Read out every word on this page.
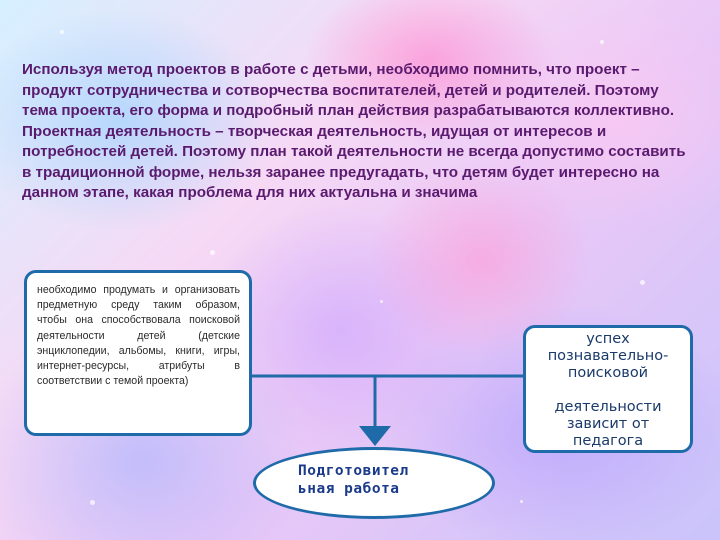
Используя метод проектов в работе с детьми, необходимо помнить, что проект – продукт сотрудничества и сотворчества воспитателей, детей и родителей. Поэтому тема проекта, его форма и подробный план действия разрабатываются коллективно. Проектная деятельность – творческая деятельность, идущая от интересов и потребностей детей. Поэтому план такой деятельности не всегда допустимо составить в традиционной форме, нельзя заранее предугадать, что детям будет интересно на данном этапе, какая проблема для них актуальна и значима

необходимо продумать и организовать предметную среду таким образом, чтобы она способствовала поисковой деятельности детей (детские энциклопедии, альбомы, книги, игры, интернет-ресурсы, атрибуты в соответствии с темой проекта)
успех
познавательно-
поисковой
деятельности
зависит от
педагога
Подготовител
ьная работа
